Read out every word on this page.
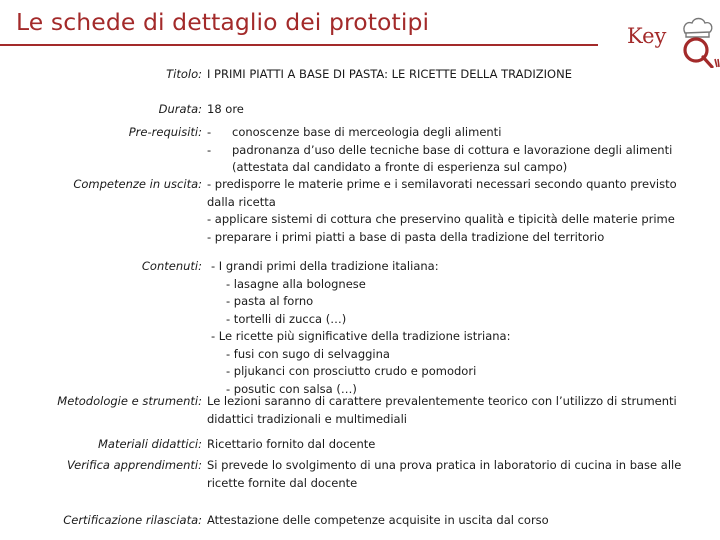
Le schede di dettaglio dei prototipi	Key
Titolo : I PRIMI PIATTI A BASE DI PASTA: LE RICETTE DELLA TRADIZIONE
Durata : 18 ore
Pre-requisiti : - conoscenze base di merceologia degli alimenti
- padronanza d’uso delle tecniche base di cottura e lavorazione degli alimenti
(attestata dal candidato a fronte di esperienza sul campo)
Competenze in uscita : - predisporre le materie prime e i semilavorati necessari secondo quanto previsto
dalla ricetta
- applicare sistemi di cottura che preservino qualità e tipicità delle materie prime
- preparare i primi piatti a base di pasta della tradizione del territorio
Contenuti :	- I grandi primi della tradizione italiana:
- lasagne alla bolognese
- pasta al forno
- tortelli di zucca (…)
- Le ricette più significative della tradizione istriana:
- fusi con sugo di selvaggina
- pljukanci con prosciutto crudo e pomodori
- posutic con salsa (…)
Metodologie e strumenti : Le lezioni saranno di carattere prevalentemente teorico con l’utilizzo di strumenti
didattici tradizionali e multimediali
Materiali didattici : Ricettario fornito dal docente
Verifica apprendimenti : Si prevede lo svolgimento di una prova pratica in laboratorio di cucina in base alle
ricette fornite dal docente
Certificazione rilasciata : Attestazione delle competenze acquisite in uscita dal corso
